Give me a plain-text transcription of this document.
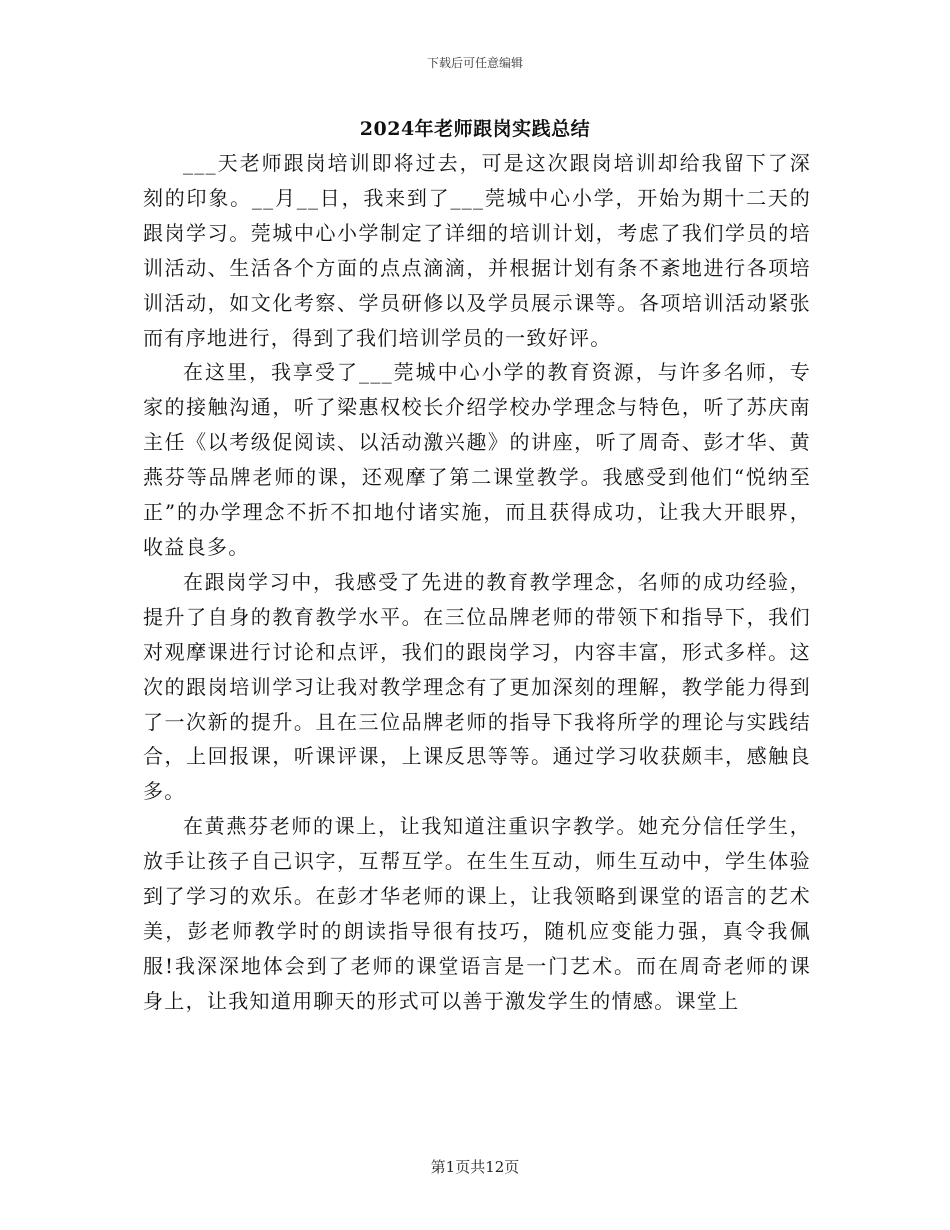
下载后可任意编辑
2024年老师跟岗实践总结

___天老师跟岗培训即将过去，可是这次跟岗培训却给我留下了深刻的印象。__月__日，我来到了___莞城中心小学，开始为期十二天的跟岗学习。莞城中心小学制定了详细的培训计划，考虑了我们学员的培训活动、生活各个方面的点点滴滴，并根据计划有条不紊地进行各项培训活动，如文化考察、学员研修以及学员展示课等。各项培训活动紧张而有序地进行，得到了我们培训学员的一致好评。

在这里，我享受了___莞城中心小学的教育资源，与许多名师，专家的接触沟通，听了梁惠权校长介绍学校办学理念与特色，听了苏庆南主任《以考级促阅读、以活动激兴趣》的讲座，听了周奇、彭才华、黄燕芬等品牌老师的课，还观摩了第二课堂教学。我感受到他们“悦纳至正”的办学理念不折不扣地付诸实施，而且获得成功，让我大开眼界，收益良多。

在跟岗学习中，我感受了先进的教育教学理念，名师的成功经验，提升了自身的教育教学水平。在三位品牌老师的带领下和指导下，我们对观摩课进行讨论和点评，我们的跟岗学习，内容丰富，形式多样。这次的跟岗培训学习让我对教学理念有了更加深刻的理解，教学能力得到了一次新的提升。且在三位品牌老师的指导下我将所学的理论与实践结合，上回报课，听课评课，上课反思等等。通过学习收获颇丰，感触良多。

在黄燕芬老师的课上，让我知道注重识字教学。她充分信任学生，放手让孩子自己识字，互帮互学。在生生互动，师生互动中，学生体验到了学习的欢乐。在彭才华老师的课上，让我领略到课堂的语言的艺术美，彭老师教学时的朗读指导很有技巧，随机应变能力强，真令我佩服!我深深地体会到了老师的课堂语言是一门艺术。而在周奇老师的课身上，让我知道用聊天的形式可以善于激发学生的情感。课堂上

第1页共12页
